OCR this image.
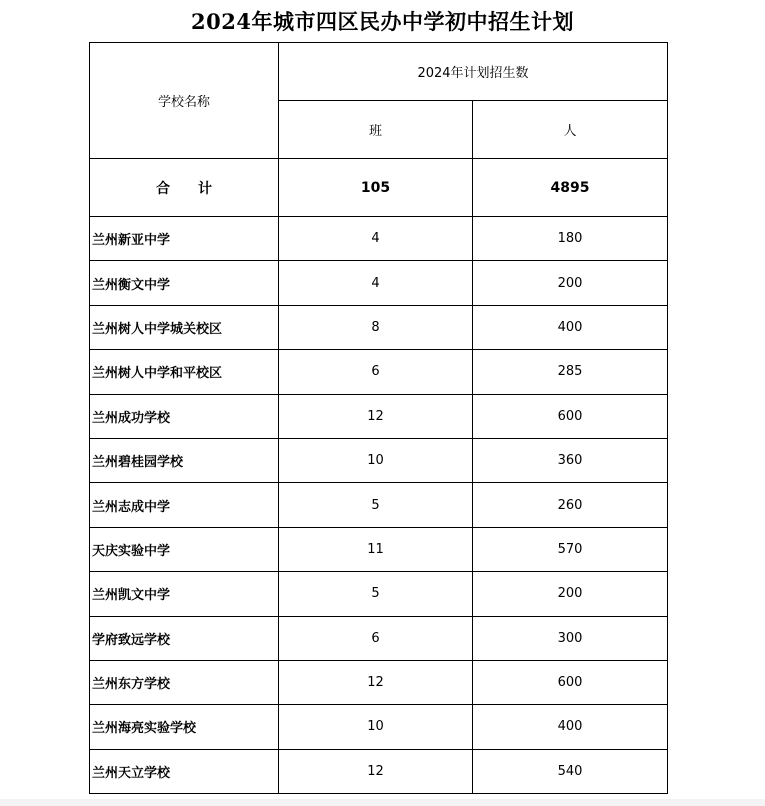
2024年城市四区民办中学初中招生计划
学校名称	2024年计划招生数	
	班	人
合　　计	105	4895
兰州新亚中学	4	180
兰州衡文中学	4	200
兰州树人中学城关校区	8	400
兰州树人中学和平校区	6	285
兰州成功学校	12	600
兰州碧桂园学校	10	360
兰州志成中学	5	260
天庆实验中学	11	570
兰州凯文中学	5	200
学府致远学校	6	300
兰州东方学校	12	600
兰州海亮实验学校	10	400
兰州天立学校	12	540
